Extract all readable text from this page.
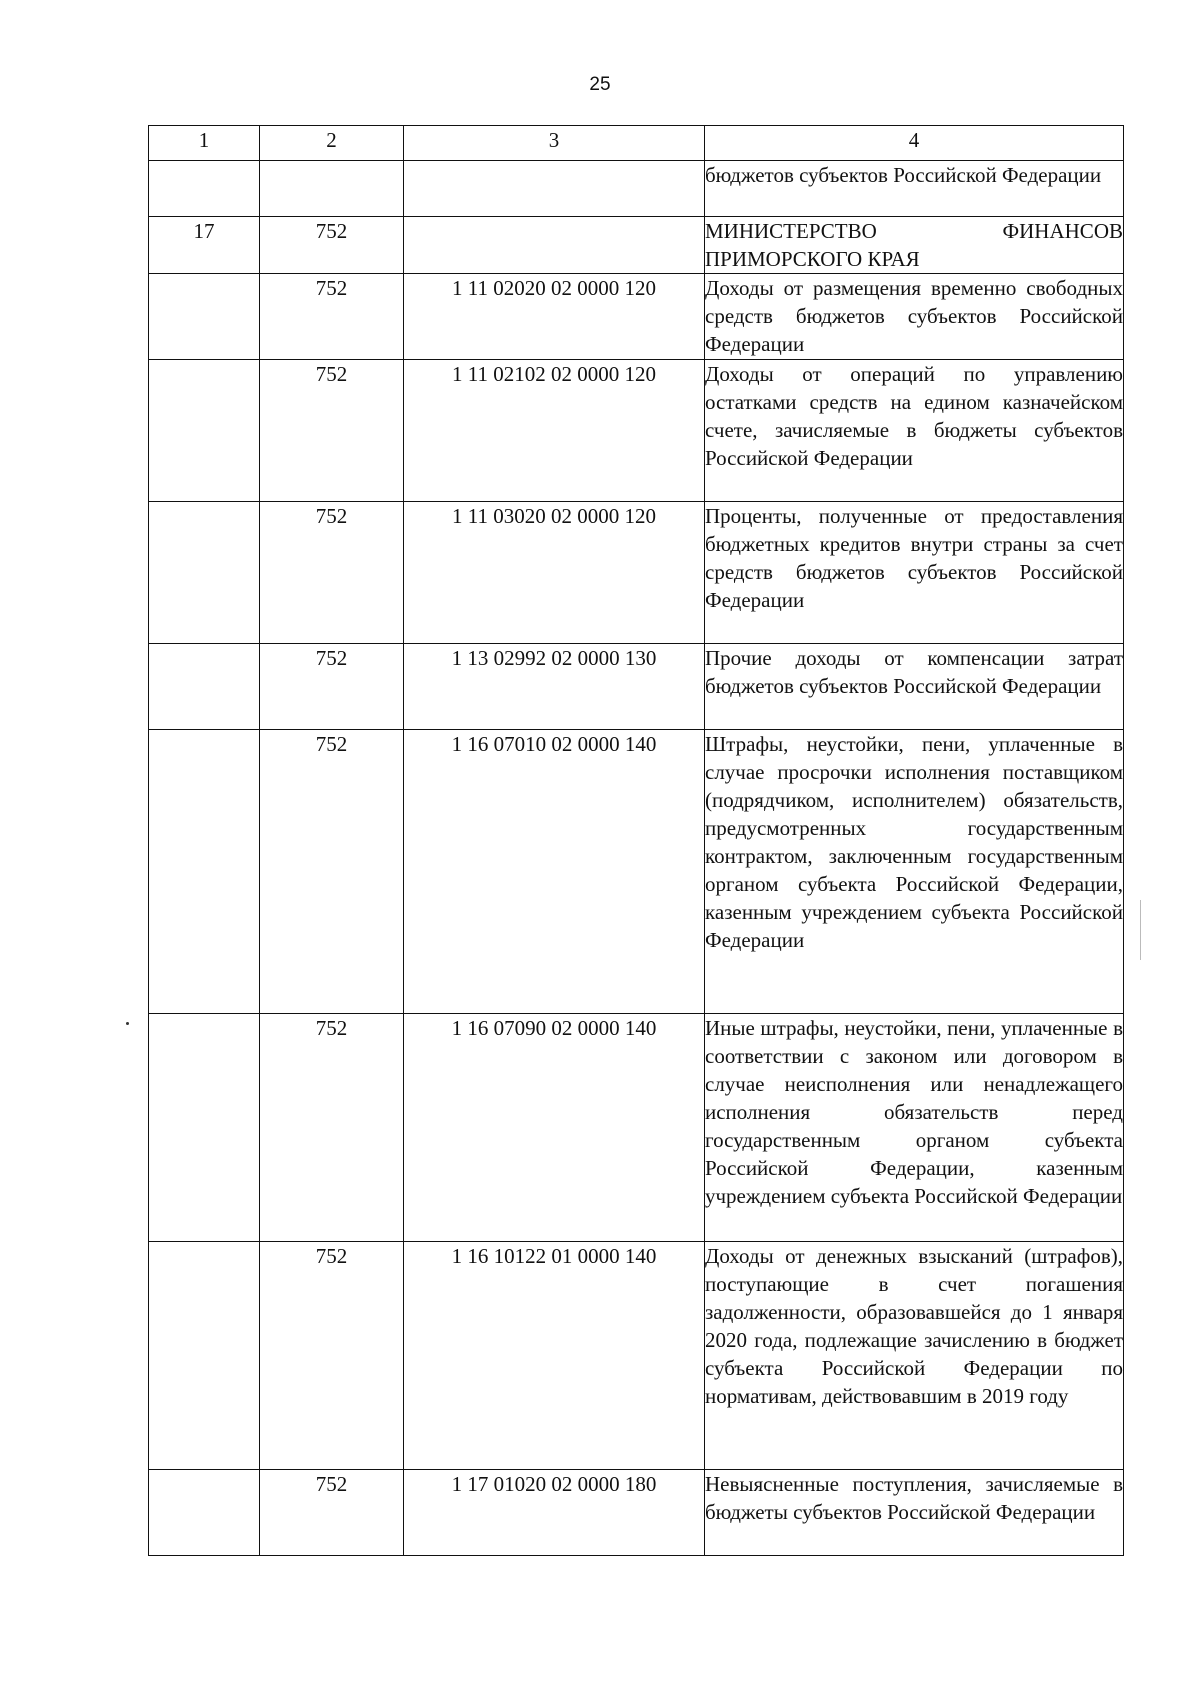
25
1	2	3	4
			бюджетов субъектов Российской Федерации
17	752		МИНИСТЕРСТВО ФИНАНСОВ ПРИМОРСКОГО КРАЯ
	752	1 11 02020 02 0000 120	Доходы от размещения временно свободных средств бюджетов субъектов Российской Федерации
	752	1 11 02102 02 0000 120	Доходы от операций по управлению остатками средств на едином казначейском счете, зачисляемые в бюджеты субъектов Российской Федерации
	752	1 11 03020 02 0000 120	Проценты, полученные от предоставления бюджетных кредитов внутри страны за счет средств бюджетов субъектов Российской Федерации
	752	1 13 02992 02 0000 130	Прочие доходы от компенсации затрат бюджетов субъектов Российской Федерации
	752	1 16 07010 02 0000 140	Штрафы, неустойки, пени, уплаченные в случае просрочки исполнения поставщиком (подрядчиком, исполнителем) обязательств, предусмотренных государственным контрактом, заключенным государственным органом субъекта Российской Федерации, казенным учреждением субъекта Российской Федерации
	752	1 16 07090 02 0000 140	Иные штрафы, неустойки, пени, уплаченные в соответствии с законом или договором в случае неисполнения или ненадлежащего исполнения обязательств перед государственным органом субъекта Российской Федерации, казенным учреждением субъекта Российской Федерации
	752	1 16 10122 01 0000 140	Доходы от денежных взысканий (штрафов), поступающие в счет погашения задолженности, образовавшейся до 1 января 2020 года, подлежащие зачислению в бюджет субъекта Российской Федерации по нормативам, действовавшим в 2019 году
	752	1 17 01020 02 0000 180	Невыясненные поступления, зачисляемые в бюджеты субъектов Российской Федерации
